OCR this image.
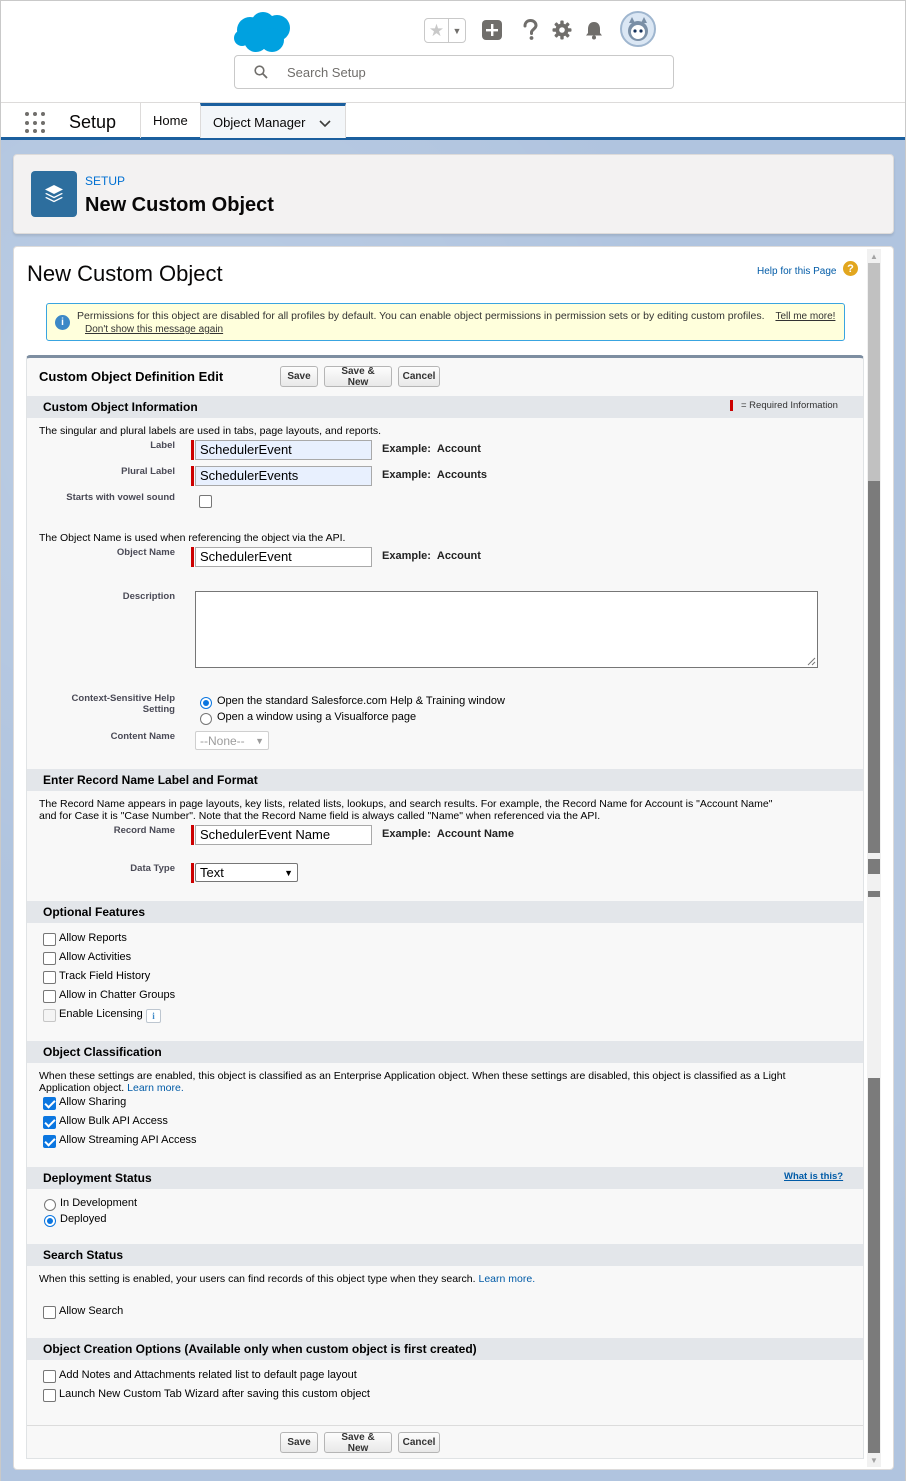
★ ▼
Search Setup
Setup	Home Object Manager
SETUP
New Custom Object
▲
▼
New Custom Object	Help for this Page ?
i
Permissions for this object are disabled for all profiles by default. You can enable object permissions in permission sets or by editing custom profiles. Tell me more! Don't show this message again
Custom Object Definition Edit	Save	Save & New	Cancel
Custom Object Information	= Required Information
The singular and plural labels are used in tabs, page layouts, and reports.
Label	SchedulerEvent	Example: Account
Plural Label	SchedulerEvents	Example: Accounts
Starts with vowel sound
The Object Name is used when referencing the object via the API.
Object Name	SchedulerEvent	Example: Account
Description
Context-Sensitive Help
Setting
Open the standard Salesforce.com Help & Training window
Open a window using a Visualforce page
Content Name --None-- ▼
Enter Record Name Label and Format
The Record Name appears in page layouts, key lists, related lists, lookups, and search results. For example, the Record Name for Account is "Account Name"
and for Case it is "Case Number". Note that the Record Name field is always called "Name" when referenced via the API.
Record Name	SchedulerEvent Name	Example: Account Name
Data Type Text	▼
Optional Features
Allow Reports
Allow Activities
Track Field History
Allow in Chatter Groups
Enable Licensing	i
Object Classification
When these settings are enabled, this object is classified as an Enterprise Application object. When these settings are disabled, this object is classified as a Light
Application object. Learn more.
Allow Sharing
Allow Bulk API Access
Allow Streaming API Access
Deployment Status	What is this?
In Development
Deployed
Search Status
When this setting is enabled, your users can find records of this object type when they search. Learn more.
Allow Search
Object Creation Options (Available only when custom object is first created)
Add Notes and Attachments related list to default page layout
Launch New Custom Tab Wizard after saving this custom object
Save	Save & New	Cancel
